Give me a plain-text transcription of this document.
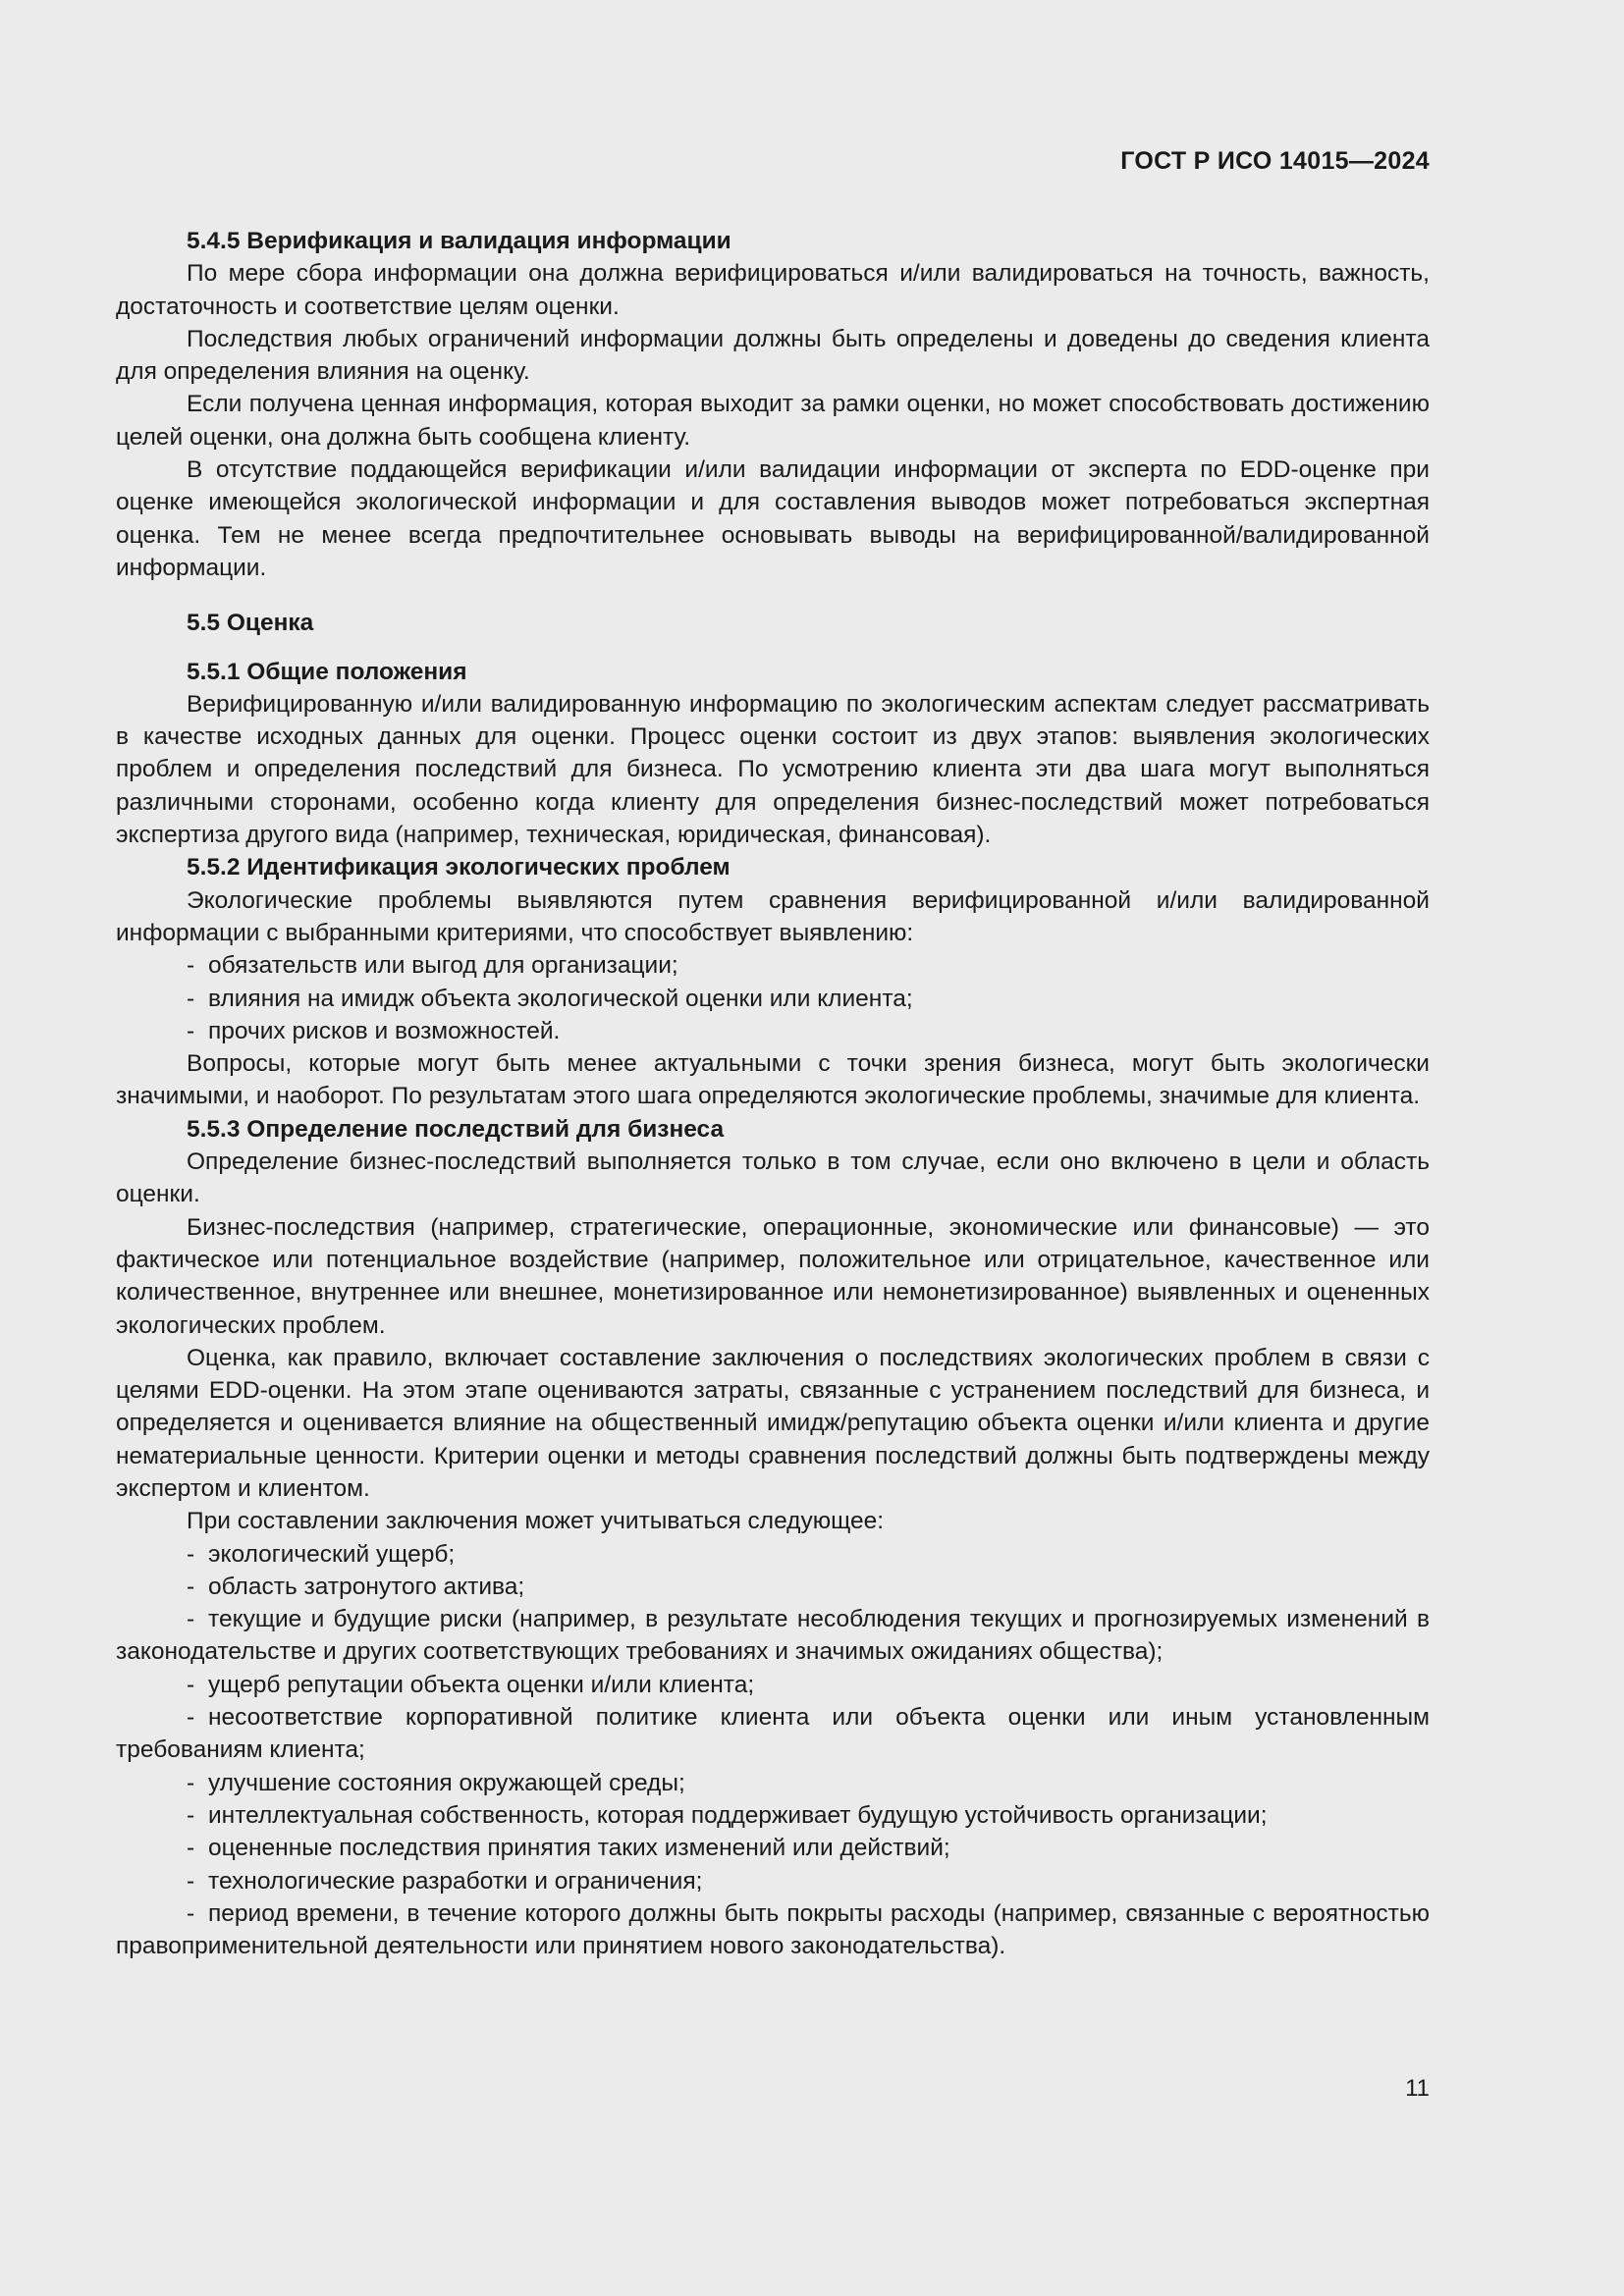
ГОСТ Р ИСО 14015—2024

5.4.5 Верификация и валидация информации

По мере сбора информации она должна верифицироваться и/или валидироваться на точность, важность, достаточность и соответствие целям оценки.

Последствия любых ограничений информации должны быть определены и доведены до сведения клиента для определения влияния на оценку.

Если получена ценная информация, которая выходит за рамки оценки, но может способствовать достижению целей оценки, она должна быть сообщена клиенту.

В отсутствие поддающейся верификации и/или валидации информации от эксперта по EDD-оценке при оценке имеющейся экологической информации и для составления выводов может потребоваться экспертная оценка. Тем не менее всегда предпочтительнее основывать выводы на верифицированной/валидированной информации.

5.5 Оценка

5.5.1 Общие положения

Верифицированную и/или валидированную информацию по экологическим аспектам следует рассматривать в качестве исходных данных для оценки. Процесс оценки состоит из двух этапов: выявления экологических проблем и определения последствий для бизнеса. По усмотрению клиента эти два шага могут выполняться различными сторонами, особенно когда клиенту для определения бизнес-последствий может потребоваться экспертиза другого вида (например, техническая, юридическая, финансовая).

5.5.2 Идентификация экологических проблем

Экологические проблемы выявляются путем сравнения верифицированной и/или валидированной информации с выбранными критериями, что способствует выявлению:

- обязательств или выгод для организации;

- влияния на имидж объекта экологической оценки или клиента;

- прочих рисков и возможностей.

Вопросы, которые могут быть менее актуальными с точки зрения бизнеса, могут быть экологически значимыми, и наоборот. По результатам этого шага определяются экологические проблемы, значимые для клиента.

5.5.3 Определение последствий для бизнеса

Определение бизнес-последствий выполняется только в том случае, если оно включено в цели и область оценки.

Бизнес-последствия (например, стратегические, операционные, экономические или финансовые) — это фактическое или потенциальное воздействие (например, положительное или отрицательное, качественное или количественное, внутреннее или внешнее, монетизированное или немонетизированное) выявленных и оцененных экологических проблем.

Оценка, как правило, включает составление заключения о последствиях экологических проблем в связи с целями EDD-оценки. На этом этапе оцениваются затраты, связанные с устранением последствий для бизнеса, и определяется и оценивается влияние на общественный имидж/репутацию объекта оценки и/или клиента и другие нематериальные ценности. Критерии оценки и методы сравнения последствий должны быть подтверждены между экспертом и клиентом.

При составлении заключения может учитываться следующее:

- экологический ущерб;

- область затронутого актива;

- текущие и будущие риски (например, в результате несоблюдения текущих и прогнозируемых изменений в законодательстве и других соответствующих требованиях и значимых ожиданиях общества);

- ущерб репутации объекта оценки и/или клиента;

- несоответствие корпоративной политике клиента или объекта оценки или иным установленным требованиям клиента;

- улучшение состояния окружающей среды;

- интеллектуальная собственность, которая поддерживает будущую устойчивость организации;

- оцененные последствия принятия таких изменений или действий;

- технологические разработки и ограничения;

- период времени, в течение которого должны быть покрыты расходы (например, связанные с вероятностью правоприменительной деятельности или принятием нового законодательства).

11
